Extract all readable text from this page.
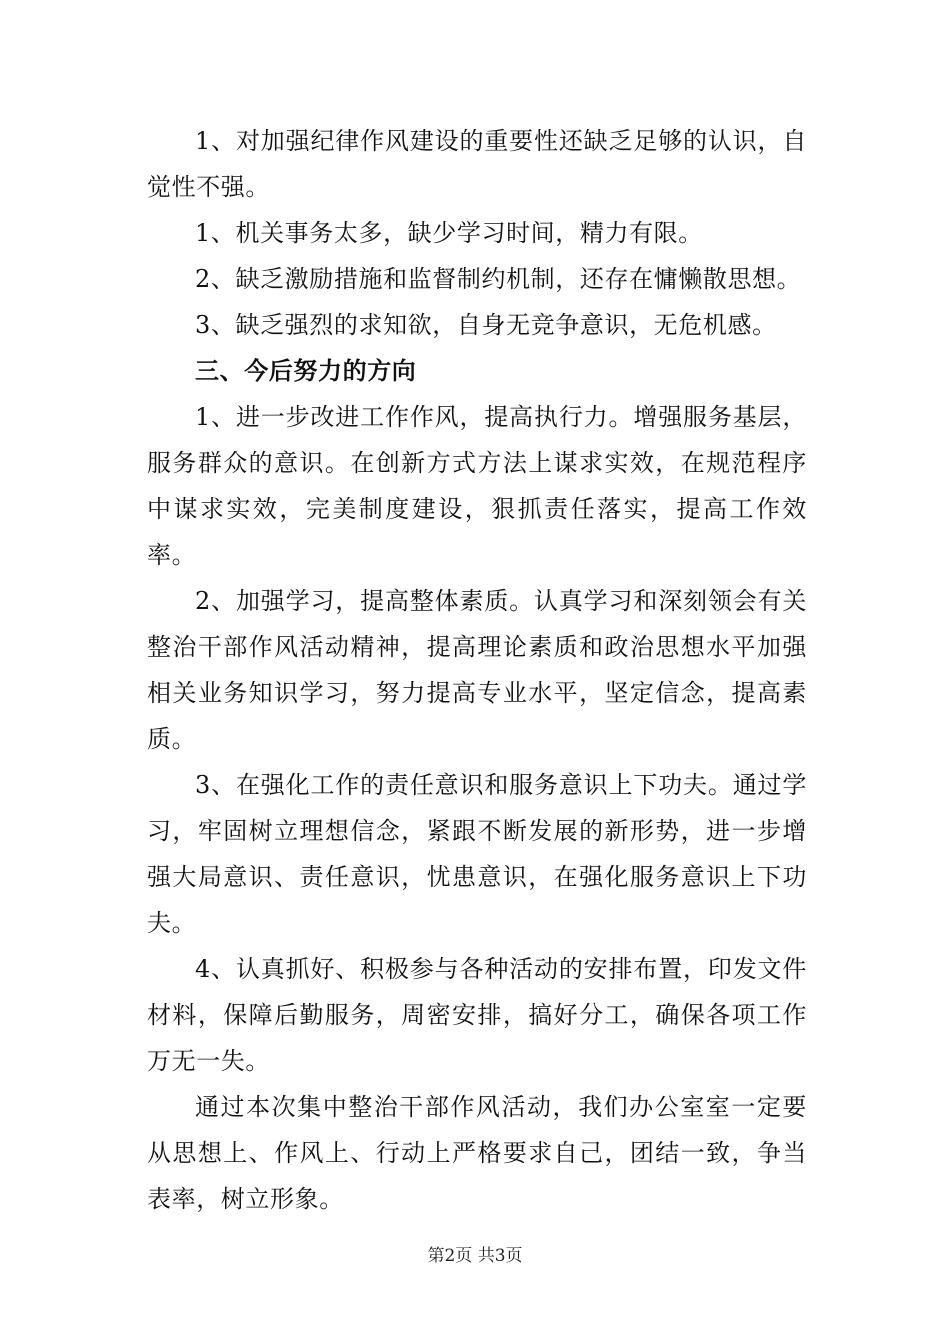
1、对加强纪律作风建设的重要性还缺乏足够的认识，自觉性不强。

1、机关事务太多，缺少学习时间，精力有限。

2、缺乏激励措施和监督制约机制，还存在慵懒散思想。

3、缺乏强烈的求知欲，自身无竞争意识，无危机感。

三、今后努力的方向

1、进一步改进工作作风，提高执行力。增强服务基层，服务群众的意识。在创新方式方法上谋求实效，在规范程序中谋求实效，完美制度建设，狠抓责任落实，提高工作效率。

2、加强学习，提高整体素质。认真学习和深刻领会有关整治干部作风活动精神，提高理论素质和政治思想水平加强相关业务知识学习，努力提高专业水平，坚定信念，提高素质。

3、在强化工作的责任意识和服务意识上下功夫。通过学习，牢固树立理想信念，紧跟不断发展的新形势，进一步增强大局意识、责任意识，忧患意识，在强化服务意识上下功夫。

4、认真抓好、积极参与各种活动的安排布置，印发文件材料，保障后勤服务，周密安排，搞好分工，确保各项工作万无一失。

通过本次集中整治干部作风活动，我们办公室室一定要从思想上、作风上、行动上严格要求自己，团结一致，争当表率，树立形象。

第2页 共3页
